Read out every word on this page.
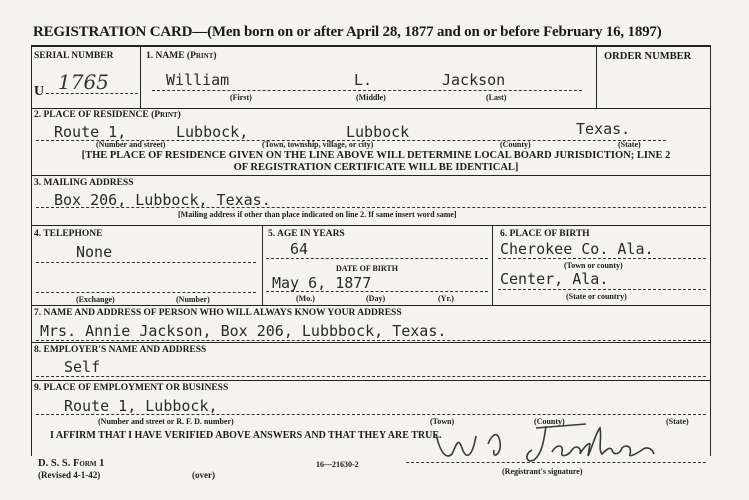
REGISTRATION CARD—(Men born on or after April 28, 1877 and on or before February 16, 1897)
SERIAL NUMBER
U 1765
1. NAME (Print)
William	L.	Jackson
(First)	(Middle)	(Last)
ORDER NUMBER
2. PLACE OF RESIDENCE (Print)
Route 1,	Lubbock,	Lubbock	Texas.
(Number and street)	(Town, township, village, or city)	(County)	(State)
[THE PLACE OF RESIDENCE GIVEN ON THE LINE ABOVE WILL DETERMINE LOCAL BOARD JURISDICTION; LINE 2 OF REGISTRATION CERTIFICATE WILL BE IDENTICAL]
3. MAILING ADDRESS
Box 206, Lubbock, Texas.
[Mailing address if other than place indicated on line 2. If same insert word same]
4. TELEPHONE
None
(Exchange)	(Number)
5. AGE IN YEARS
64
DATE OF BIRTH
May 6, 1877
(Mo.)	(Day)	(Yr.)
6. PLACE OF BIRTH
Cherokee Co. Ala.
(Town or county)
Center, Ala.
(State or country)
7. NAME AND ADDRESS OF PERSON WHO WILL ALWAYS KNOW YOUR ADDRESS
Mrs. Annie Jackson, Box 206, Lubbbock, Texas.
8. EMPLOYER'S NAME AND ADDRESS
Self
9. PLACE OF EMPLOYMENT OR BUSINESS
Route 1, Lubbock,
(Number and street or R. F. D. number)	(Town)	(County)	(State)
I AFFIRM THAT I HAVE VERIFIED ABOVE ANSWERS AND THAT THEY ARE TRUE.
(Registrant's signature)
D. S. S. Form 1
(Revised 4-1-42)	(over)
16—21630-2
